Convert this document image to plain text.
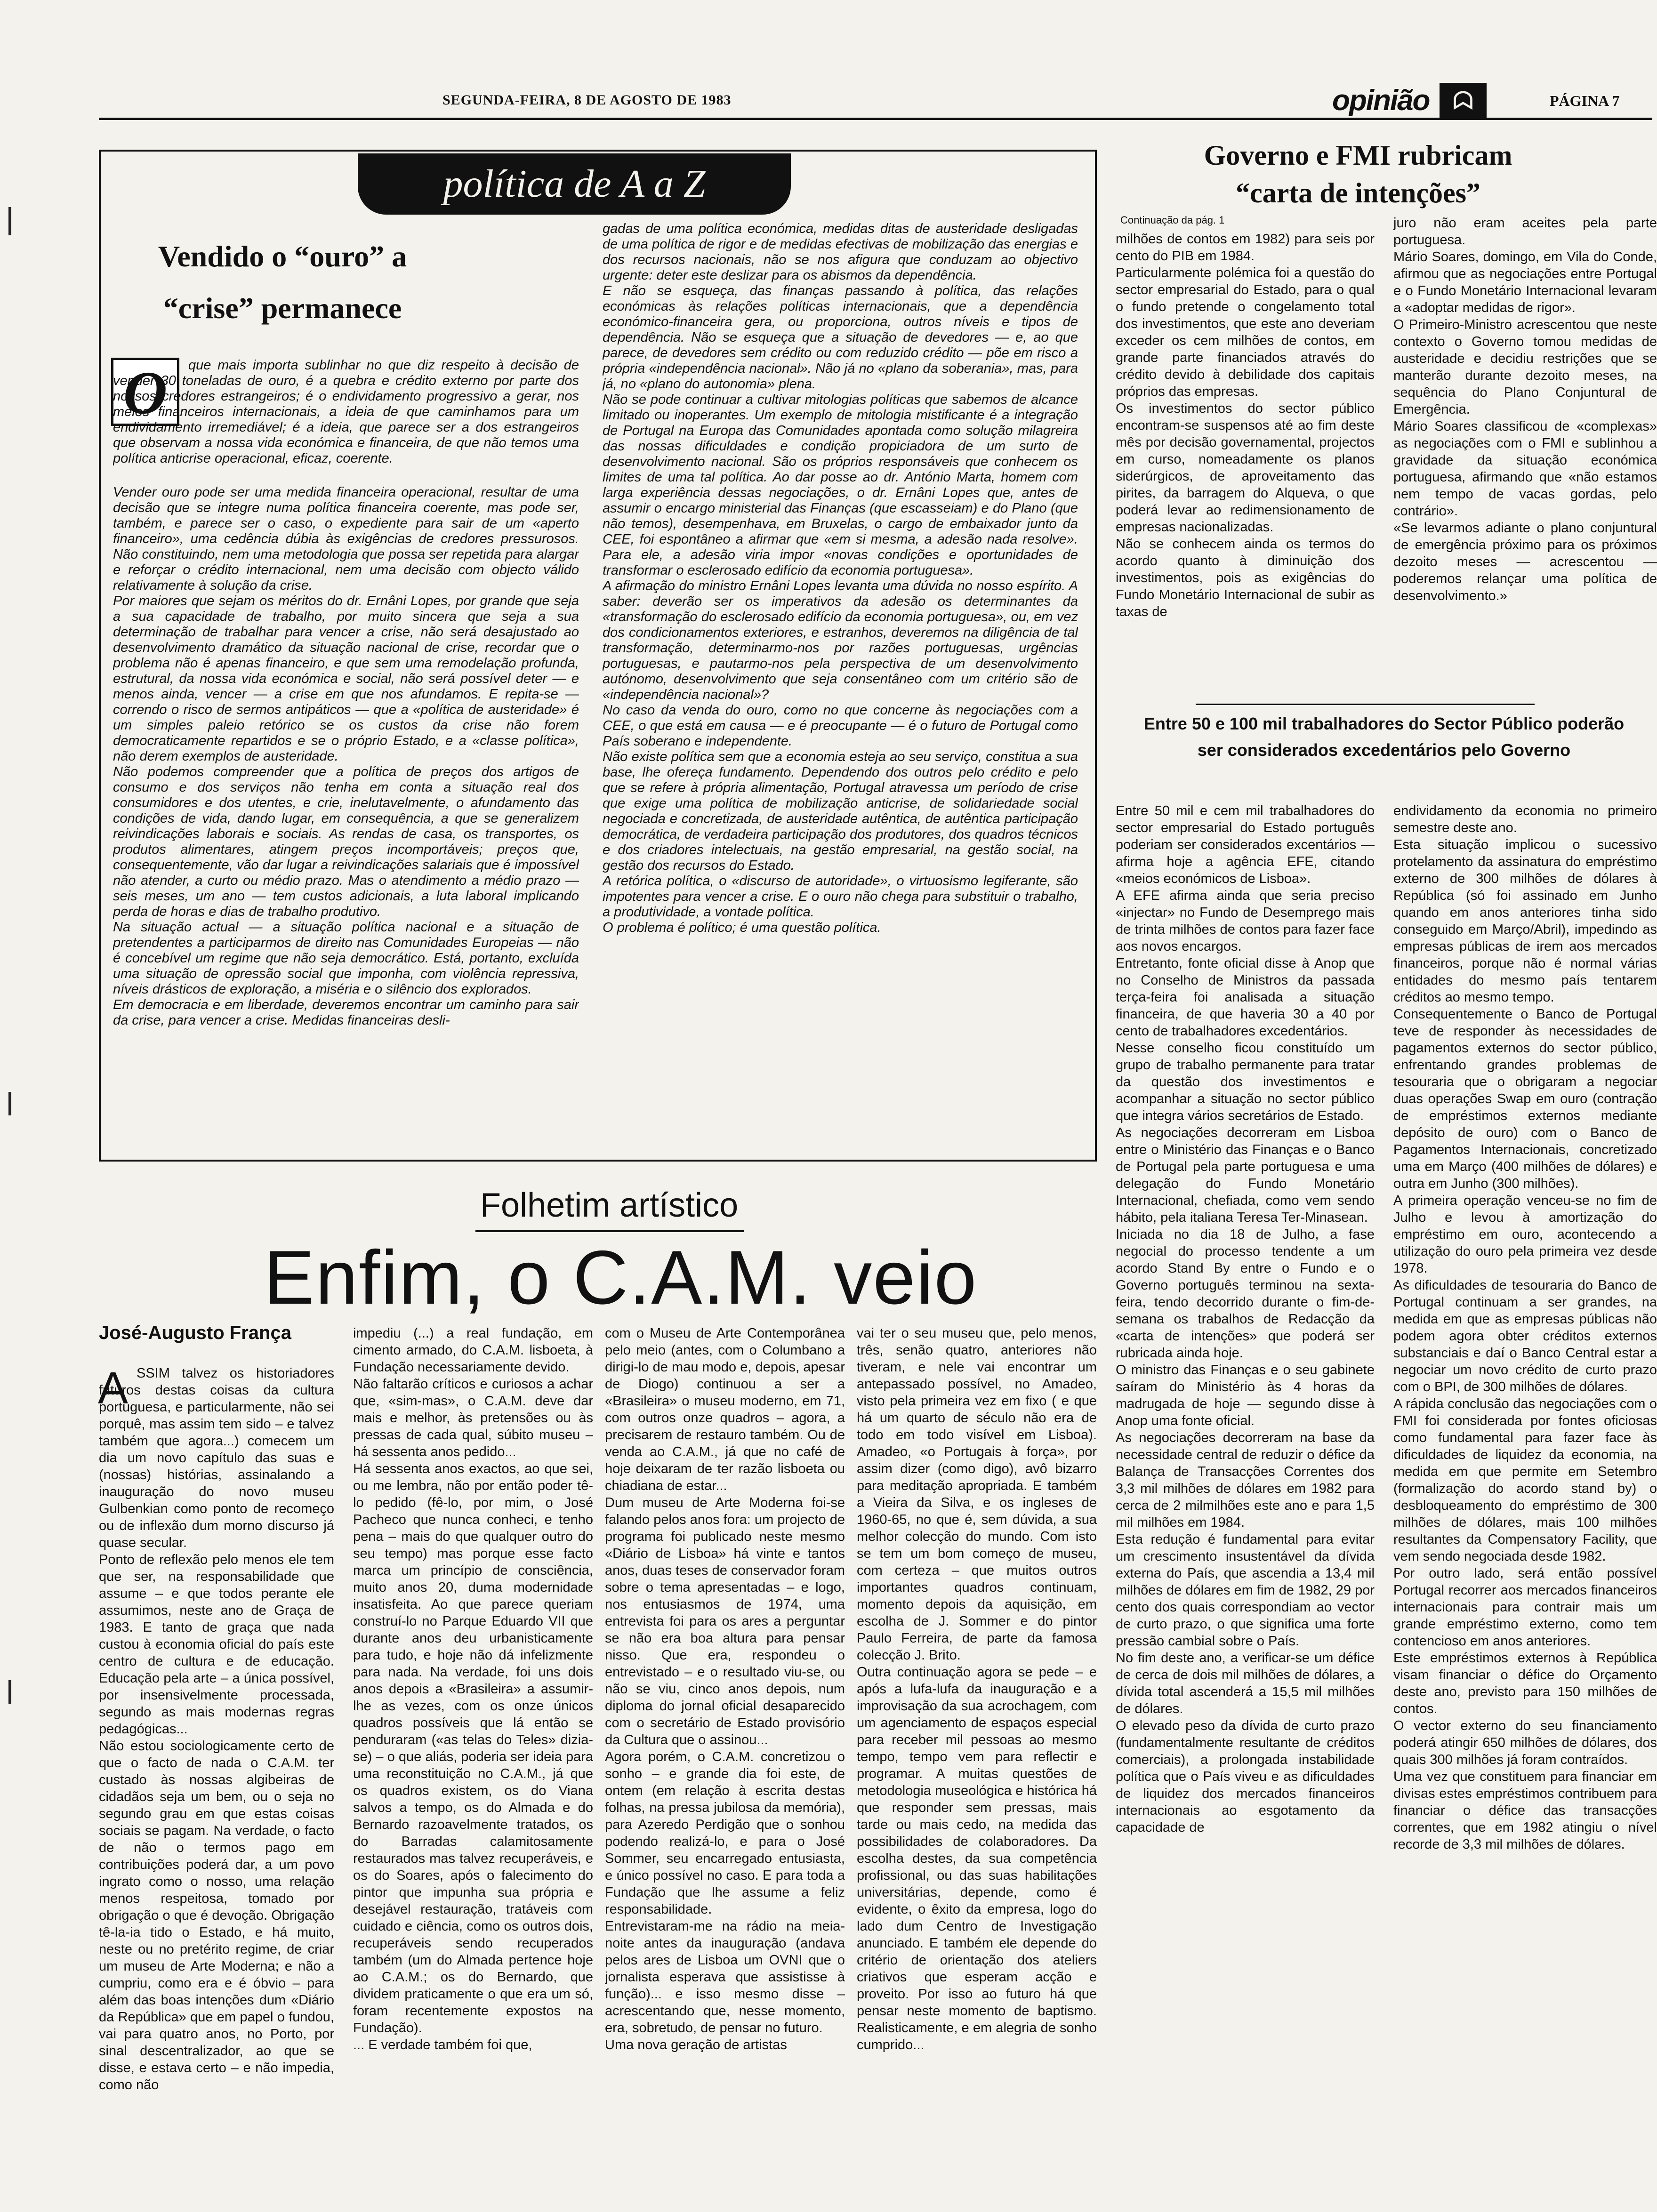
SEGUNDA-FEIRA, 8 DE AGOSTO DE 1983	opinião ᗣ	PÁGINA 7
política de A a Z
Vendido o “ouro” a “crise” permanece
O	que mais importa sublinhar no que diz respeito à decisão de vender 30 toneladas de ouro, é a quebra e crédito externo por parte dos nossos credores estrangeiros; é o endividamento progressivo a gerar, nos meios financeiros internacionais, a ideia de que caminhamos para um endividamento irremediável; é a ideia, que parece ser a dos estrangeiros que observam a nossa vida económica e financeira, de que não temos uma política anticrise operacional, eficaz, coerente.
Vender ouro pode ser uma medida financeira operacional, resultar de uma decisão que se integre numa política financeira coerente, mas pode ser, também, e parece ser o caso, o expediente para sair de um «aperto financeiro», uma cedência dúbia às exigências de credores pressurosos. Não constituindo, nem uma metodologia que possa ser repetida para alargar e reforçar o crédito internacional, nem uma decisão com objecto válido relativamente à solução da crise.
Por maiores que sejam os méritos do dr. Ernâni Lopes, por grande que seja a sua capacidade de trabalho, por muito sincera que seja a sua determinação de trabalhar para vencer a crise, não será desajustado ao desenvolvimento dramático da situação nacional de crise, recordar que o problema não é apenas financeiro, e que sem uma remodelação profunda, estrutural, da nossa vida económica e social, não será possível deter — e menos ainda, vencer — a crise em que nos afundamos. E repita-se — correndo o risco de sermos antipáticos — que a «política de austeridade» é um simples paleio retórico se os custos da crise não forem democraticamente repartidos e se o próprio Estado, e a «classe política», não derem exemplos de austeridade.
Não podemos compreender que a política de preços dos artigos de consumo e dos serviços não tenha em conta a situação real dos consumidores e dos utentes, e crie, inelutavelmente, o afundamento das condições de vida, dando lugar, em consequência, a que se generalizem reivindicações laborais e sociais. As rendas de casa, os transportes, os produtos alimentares, atingem preços incomportáveis; preços que, consequentemente, vão dar lugar a reivindicações salariais que é impossível não atender, a curto ou médio prazo. Mas o atendimento a médio prazo — seis meses, um ano — tem custos adicionais, a luta laboral implicando perda de horas e dias de trabalho produtivo.
Na situação actual — a situação política nacional e a situação de pretendentes a participarmos de direito nas Comunidades Europeias — não é concebível um regime que não seja democrático. Está, portanto, excluída uma situação de opressão social que imponha, com violência repressiva, níveis drásticos de exploração, a miséria e o silêncio dos explorados.
Em democracia e em liberdade, deveremos encontrar um caminho para sair da crise, para vencer a crise. Medidas financeiras desli-
gadas de uma política económica, medidas ditas de austeridade desligadas de uma política de rigor e de medidas efectivas de mobilização das energias e dos recursos nacionais, não se nos afigura que conduzam ao objectivo urgente: deter este deslizar para os abismos da dependência.
E não se esqueça, das finanças passando à política, das relações económicas às relações políticas internacionais, que a dependência económico-financeira gera, ou proporciona, outros níveis e tipos de dependência. Não se esqueça que a situação de devedores — e, ao que parece, de devedores sem crédito ou com reduzido crédito — põe em risco a própria «independência nacional». Não já no «plano da soberania», mas, para já, no «plano do autonomia» plena.
Não se pode continuar a cultivar mitologias políticas que sabemos de alcance limitado ou inoperantes. Um exemplo de mitologia mistificante é a integração de Portugal na Europa das Comunidades apontada como solução milagreira das nossas dificuldades e condição propiciadora de um surto de desenvolvimento nacional. São os próprios responsáveis que conhecem os limites de uma tal política. Ao dar posse ao dr. António Marta, homem com larga experiência dessas negociações, o dr. Ernâni Lopes que, antes de assumir o encargo ministerial das Finanças (que escasseiam) e do Plano (que não temos), desempenhava, em Bruxelas, o cargo de embaixador junto da CEE, foi espontâneo a afirmar que «em si mesma, a adesão nada resolve». Para ele, a adesão viria impor «novas condições e oportunidades de transformar o esclerosado edifício da economia portuguesa».
A afirmação do ministro Ernâni Lopes levanta uma dúvida no nosso espírito. A saber: deverão ser os imperativos da adesão os determinantes da «transformação do esclerosado edifício da economia portuguesa», ou, em vez dos condicionamentos exteriores, e estranhos, deveremos na diligência de tal transformação, determinarmo-nos por razões portuguesas, urgências portuguesas, e pautarmo-nos pela perspectiva de um desenvolvimento autónomo, desenvolvimento que seja consentâneo com um critério são de «independência nacional»?
No caso da venda do ouro, como no que concerne às negociações com a CEE, o que está em causa — e é preocupante — é o futuro de Portugal como País soberano e independente.
Não existe política sem que a economia esteja ao seu serviço, constitua a sua base, lhe ofereça fundamento. Dependendo dos outros pelo crédito e pelo que se refere à própria alimentação, Portugal atravessa um período de crise que exige uma política de mobilização anticrise, de solidariedade social negociada e concretizada, de austeridade autêntica, de autêntica participação democrática, de verdadeira participação dos produtores, dos quadros técnicos e dos criadores intelectuais, na gestão empresarial, na gestão social, na gestão dos recursos do Estado.
A retórica política, o «discurso de autoridade», o virtuosismo legiferante, são impotentes para vencer a crise. E o ouro não chega para substituir o trabalho, a produtividade, a vontade política.
O problema é político; é uma questão política.
Governo e FMI rubricam “carta de intenções”
Continuação da pág. 1
milhões de contos em 1982) para seis por cento do PIB em 1984.
Particularmente polémica foi a questão do sector empresarial do Estado, para o qual o fundo pretende o congelamento total dos investimentos, que este ano deveriam exceder os cem milhões de contos, em grande parte financiados através do crédito devido à debilidade dos capitais próprios das empresas.
Os investimentos do sector público encontram-se suspensos até ao fim deste mês por decisão governamental, projectos em curso, nomeadamente os planos siderúrgicos, de aproveitamento das pirites, da barragem do Alqueva, o que poderá levar ao redimensionamento de empresas nacionalizadas.
Não se conhecem ainda os termos do acordo quanto à diminuição dos investimentos, pois as exigências do Fundo Monetário Internacional de subir as taxas de
juro não eram aceites pela parte portuguesa.
Mário Soares, domingo, em Vila do Conde, afirmou que as negociações entre Portugal e o Fundo Monetário Internacional levaram a «adoptar medidas de rigor».
O Primeiro-Ministro acrescentou que neste contexto o Governo tomou medidas de austeridade e decidiu restrições que se manterão durante dezoito meses, na sequência do Plano Conjuntural de Emergência.
Mário Soares classificou de «complexas» as negociações com o FMI e sublinhou a gravidade da situação económica portuguesa, afirmando que «não estamos nem tempo de vacas gordas, pelo contrário».
«Se levarmos adiante o plano conjuntural de emergência próximo para os próximos dezoito meses — acrescentou — poderemos relançar uma política de desenvolvimento.»
Entre 50 e 100 mil trabalhadores do Sector Público poderão ser considerados excedentários pelo Governo
Entre 50 mil e cem mil trabalhadores do sector empresarial do Estado português poderiam ser considerados excentários — afirma hoje a agência EFE, citando «meios económicos de Lisboa».
A EFE afirma ainda que seria preciso «injectar» no Fundo de Desemprego mais de trinta milhões de contos para fazer face aos novos encargos.
Entretanto, fonte oficial disse à Anop que no Conselho de Ministros da passada terça-feira foi analisada a situação financeira, de que haveria 30 a 40 por cento de trabalhadores excedentários.
Nesse conselho ficou constituído um grupo de trabalho permanente para tratar da questão dos investimentos e acompanhar a situação no sector público que integra vários secretários de Estado.
As negociações decorreram em Lisboa entre o Ministério das Finanças e o Banco de Portugal pela parte portuguesa e uma delegação do Fundo Monetário Internacional, chefiada, como vem sendo hábito, pela italiana Teresa Ter-Minasean.
Iniciada no dia 18 de Julho, a fase negocial do processo tendente a um acordo Stand By entre o Fundo e o Governo português terminou na sexta-feira, tendo decorrido durante o fim-de-semana os trabalhos de Redacção da «carta de intenções» que poderá ser rubricada ainda hoje.
O ministro das Finanças e o seu gabinete saíram do Ministério às 4 horas da madrugada de hoje — segundo disse à Anop uma fonte oficial.
As negociações decorreram na base da necessidade central de reduzir o défice da Balança de Transacções Correntes dos 3,3 mil milhões de dólares em 1982 para cerca de 2 milmilhões este ano e para 1,5 mil milhões em 1984.
Esta redução é fundamental para evitar um crescimento insustentável da dívida externa do País, que ascendia a 13,4 mil milhões de dólares em fim de 1982, 29 por cento dos quais correspondiam ao vector de curto prazo, o que significa uma forte pressão cambial sobre o País.
No fim deste ano, a verificar-se um défice de cerca de dois mil milhões de dólares, a dívida total ascenderá a 15,5 mil milhões de dólares.
O elevado peso da dívida de curto prazo (fundamentalmente resultante de créditos comerciais), a prolongada instabilidade política que o País viveu e as dificuldades de liquidez dos mercados financeiros internacionais ao esgotamento da capacidade de
endividamento da economia no primeiro semestre deste ano.
Esta situação implicou o sucessivo protelamento da assinatura do empréstimo externo de 300 milhões de dólares à República (só foi assinado em Junho quando em anos anteriores tinha sido conseguido em Março/Abril), impedindo as empresas públicas de irem aos mercados financeiros, porque não é normal várias entidades do mesmo país tentarem créditos ao mesmo tempo.
Consequentemente o Banco de Portugal teve de responder às necessidades de pagamentos externos do sector público, enfrentando grandes problemas de tesouraria que o obrigaram a negociar duas operações Swap em ouro (contração de empréstimos externos mediante depósito de ouro) com o Banco de Pagamentos Internacionais, concretizado uma em Março (400 milhões de dólares) e outra em Junho (300 milhões).
A primeira operação venceu-se no fim de Julho e levou à amortização do empréstimo em ouro, acontecendo a utilização do ouro pela primeira vez desde 1978.
As dificuldades de tesouraria do Banco de Portugal continuam a ser grandes, na medida em que as empresas públicas não podem agora obter créditos externos substanciais e daí o Banco Central estar a negociar um novo crédito de curto prazo com o BPI, de 300 milhões de dólares.
A rápida conclusão das negociações com o FMI foi considerada por fontes oficiosas como fundamental para fazer face às dificuldades de liquidez da economia, na medida em que permite em Setembro (formalização do acordo stand by) o desbloqueamento do empréstimo de 300 milhões de dólares, mais 100 milhões resultantes da Compensatory Facility, que vem sendo negociada desde 1982.
Por outro lado, será então possível Portugal recorrer aos mercados financeiros internacionais para contrair mais um grande empréstimo externo, como tem contencioso em anos anteriores.
Este empréstimos externos à República visam financiar o défice do Orçamento deste ano, previsto para 150 milhões de contos.
O vector externo do seu financiamento poderá atingir 650 milhões de dólares, dos quais 300 milhões já foram contraídos.
Uma vez que constituem para financiar em divisas estes empréstimos contribuem para financiar o défice das transacções correntes, que em 1982 atingiu o nível recorde de 3,3 mil milhões de dólares.
Folhetim artístico
Enfim, o C.A.M. veio
José-Augusto França
A SSIM talvez os historiadores futuros destas coisas da cultura portuguesa, e particularmente, não sei porquê, mas assim tem sido – e talvez também que agora...) comecem um dia um novo capítulo das suas e (nossas) histórias, assinalando a inauguração do novo museu Gulbenkian como ponto de recomeço ou de inflexão dum morno discurso já quase secular.
Ponto de reflexão pelo menos ele tem que ser, na responsabilidade que assume – e que todos perante ele assumimos, neste ano de Graça de 1983. E tanto de graça que nada custou à economia oficial do país este centro de cultura e de educação. Educação pela arte – a única possível, por insensivelmente processada, segundo as mais modernas regras pedagógicas...
Não estou sociologicamente certo de que o facto de nada o C.A.M. ter custado às nossas algibeiras de cidadãos seja um bem, ou o seja no segundo grau em que estas coisas sociais se pagam. Na verdade, o facto de não o termos pago em contribuições poderá dar, a um povo ingrato como o nosso, uma relação menos respeitosa, tomado por obrigação o que é devoção. Obrigação tê-la-ia tido o Estado, e há muito, neste ou no pretérito regime, de criar um museu de Arte Moderna; e não a cumpriu, como era e é óbvio – para além das boas intenções dum «Diário da República» que em papel o fundou, vai para quatro anos, no Porto, por sinal descentralizador, ao que se disse, e estava certo – e não impedia, como não
impediu (...) a real fundação, em cimento armado, do C.A.M. lisboeta, à Fundação necessariamente devido.
Não faltarão críticos e curiosos a achar que, «sim-mas», o C.A.M. deve dar mais e melhor, às pretensões ou às pressas de cada qual, súbito museu – há sessenta anos pedido...
Há sessenta anos exactos, ao que sei, ou me lembra, não por então poder tê-lo pedido (fê-lo, por mim, o José Pacheco que nunca conheci, e tenho pena – mais do que qualquer outro do seu tempo) mas porque esse facto marca um princípio de consciência, muito anos 20, duma modernidade insatisfeita. Ao que parece queriam construí-lo no Parque Eduardo VII que durante anos deu urbanisticamente para tudo, e hoje não dá infelizmente para nada. Na verdade, foi uns dois anos depois a «Brasileira» a assumir-lhe as vezes, com os onze únicos quadros possíveis que lá então se penduraram («as telas do Teles» dizia-se) – o que aliás, poderia ser ideia para uma reconstituição no C.A.M., já que os quadros existem, os do Viana salvos a tempo, os do Almada e do Bernardo razoavelmente tratados, os do Barradas calamitosamente restaurados mas talvez recuperáveis, e os do Soares, após o falecimento do pintor que impunha sua própria e desejável restauração, tratáveis com cuidado e ciência, como os outros dois, recuperáveis sendo recuperados também (um do Almada pertence hoje ao C.A.M.; os do Bernardo, que dividem praticamente o que era um só, foram recentemente expostos na Fundação).
... E verdade também foi que,
com o Museu de Arte Contemporânea pelo meio (antes, com o Columbano a dirigi-lo de mau modo e, depois, apesar de Diogo) continuou a ser a «Brasileira» o museu moderno, em 71, com outros onze quadros – agora, a precisarem de restauro também. Ou de venda ao C.A.M., já que no café de hoje deixaram de ter razão lisboeta ou chiadiana de estar...
Dum museu de Arte Moderna foi-se falando pelos anos fora: um projecto de programa foi publicado neste mesmo «Diário de Lisboa» há vinte e tantos anos, duas teses de conservador foram sobre o tema apresentadas – e logo, nos entusiasmos de 1974, uma entrevista foi para os ares a perguntar se não era boa altura para pensar nisso. Que era, respondeu o entrevistado – e o resultado viu-se, ou não se viu, cinco anos depois, num diploma do jornal oficial desaparecido com o secretário de Estado provisório da Cultura que o assinou...
Agora porém, o C.A.M. concretizou o sonho – e grande dia foi este, de ontem (em relação à escrita destas folhas, na pressa jubilosa da memória), para Azeredo Perdigão que o sonhou podendo realizá-lo, e para o José Sommer, seu encarregado entusiasta, e único possível no caso. E para toda a Fundação que lhe assume a feliz responsabilidade.
Entrevistaram-me na rádio na meia-noite antes da inauguração (andava pelos ares de Lisboa um OVNI que o jornalista esperava que assistisse à função)... e isso mesmo disse – acrescentando que, nesse momento, era, sobretudo, de pensar no futuro.
Uma nova geração de artistas
vai ter o seu museu que, pelo menos, três, senão quatro, anteriores não tiveram, e nele vai encontrar um antepassado possível, no Amadeo, visto pela primeira vez em fixo ( e que há um quarto de século não era de todo em todo visível em Lisboa). Amadeo, «o Portugais à força», por assim dizer (como digo), avô bizarro para meditação apropriada. E também a Vieira da Silva, e os ingleses de 1960-65, no que é, sem dúvida, a sua melhor colecção do mundo. Com isto se tem um bom começo de museu, com certeza – que muitos outros importantes quadros continuam, momento depois da aquisição, em escolha de J. Sommer e do pintor Paulo Ferreira, de parte da famosa colecção J. Brito.
Outra continuação agora se pede – e após a lufa-lufa da inauguração e a improvisação da sua acrochagem, com um agenciamento de espaços especial para receber mil pessoas ao mesmo tempo, tempo vem para reflectir e programar. A muitas questões de metodologia museológica e histórica há que responder sem pressas, mais tarde ou mais cedo, na medida das possibilidades de colaboradores. Da escolha destes, da sua competência profissional, ou das suas habilitações universitárias, depende, como é evidente, o êxito da empresa, logo do lado dum Centro de Investigação anunciado. E também ele depende do critério de orientação dos ateliers criativos que esperam acção e proveito. Por isso ao futuro há que pensar neste momento de baptismo. Realisticamente, e em alegria de sonho cumprido...
